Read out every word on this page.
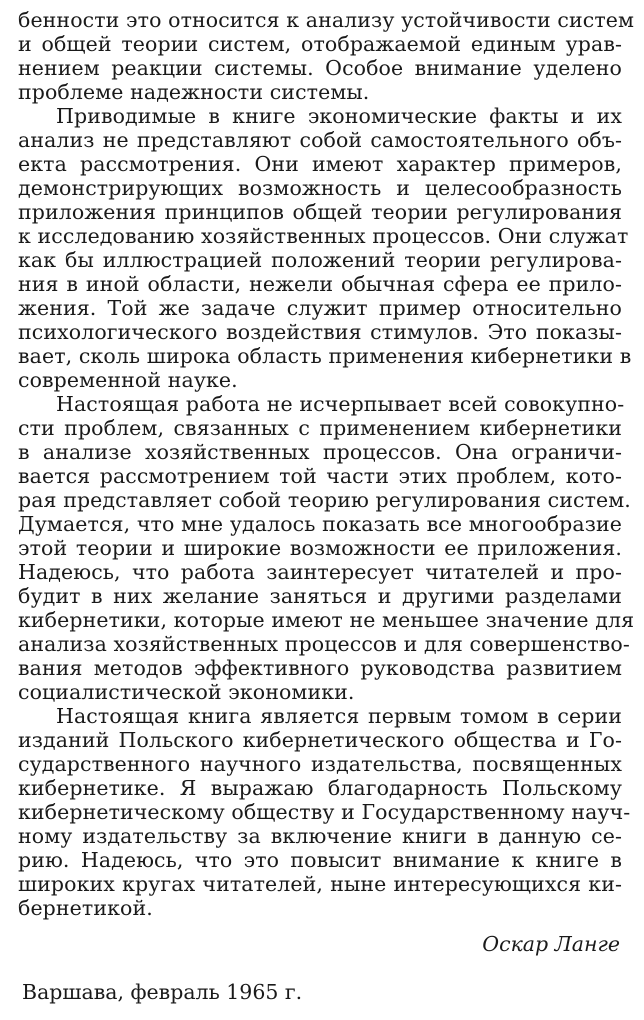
бенности это относится к анализу устойчивости систем
и общей теории систем, отображаемой единым урав-
нением реакции системы. Особое внимание уделено
проблеме надежности системы.
Приводимые в книге экономические факты и их
анализ не представляют собой самостоятельного объ-
екта рассмотрения. Они имеют характер примеров,
демонстрирующих возможность и целесообразность
приложения принципов общей теории регулирования
к исследованию хозяйственных процессов. Они служат
как бы иллюстрацией положений теории регулирова-
ния в иной области, нежели обычная сфера ее прило-
жения. Той же задаче служит пример относительно
психологического воздействия стимулов. Это показы-
вает, сколь широка область применения кибернетики в
современной науке.
Настоящая работа не исчерпывает всей совокупно-
сти проблем, связанных с применением кибернетики
в анализе хозяйственных процессов. Она ограничи-
вается рассмотрением той части этих проблем, кото-
рая представляет собой теорию регулирования систем.
Думается, что мне удалось показать все многообразие
этой теории и широкие возможности ее приложения.
Надеюсь, что работа заинтересует читателей и про-
будит в них желание заняться и другими разделами
кибернетики, которые имеют не меньшее значение для
анализа хозяйственных процессов и для совершенство-
вания методов эффективного руководства развитием
социалистической экономики.
Настоящая книга является первым томом в серии
изданий Польского кибернетического общества и Го-
сударственного научного издательства, посвященных
кибернетике. Я выражаю благодарность Польскому
кибернетическому обществу и Государственному науч-
ному издательству за включение книги в данную се-
рию. Надеюсь, что это повысит внимание к книге в
широких кругах читателей, ныне интересующихся ки-
бернетикой.
Оскар Ланге
Варшава, февраль 1965 г.
